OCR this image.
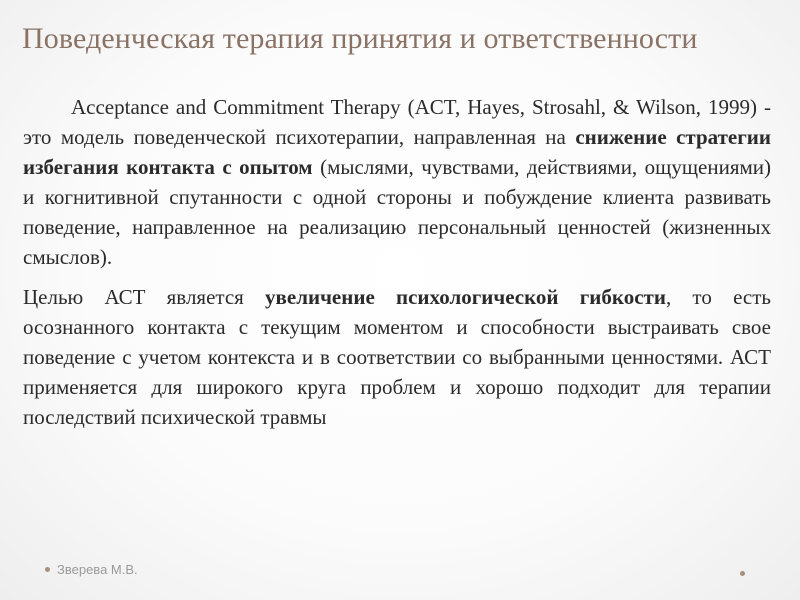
Поведенческая терапия принятия и ответственности

Acceptance and Commitment Therapy (ACT, Hayes, Strosahl, & Wilson, 1999) - это модель поведенческой психотерапии, направленная на снижение стратегии избегания контакта с опытом (мыслями, чувствами, действиями, ощущениями) и когнитивной спутанности с одной стороны и побуждение клиента развивать поведение, направленное на реализацию персональный ценностей (жизненных смыслов).

Целью АСТ является увеличение психологической гибкости, то есть осознанного контакта с текущим моментом и способности выстраивать свое поведение с учетом контекста и в соответствии со выбранными ценностями. АСТ применяется для широкого круга проблем и хорошо подходит для терапии последствий психической травмы

Зверева М.В.
